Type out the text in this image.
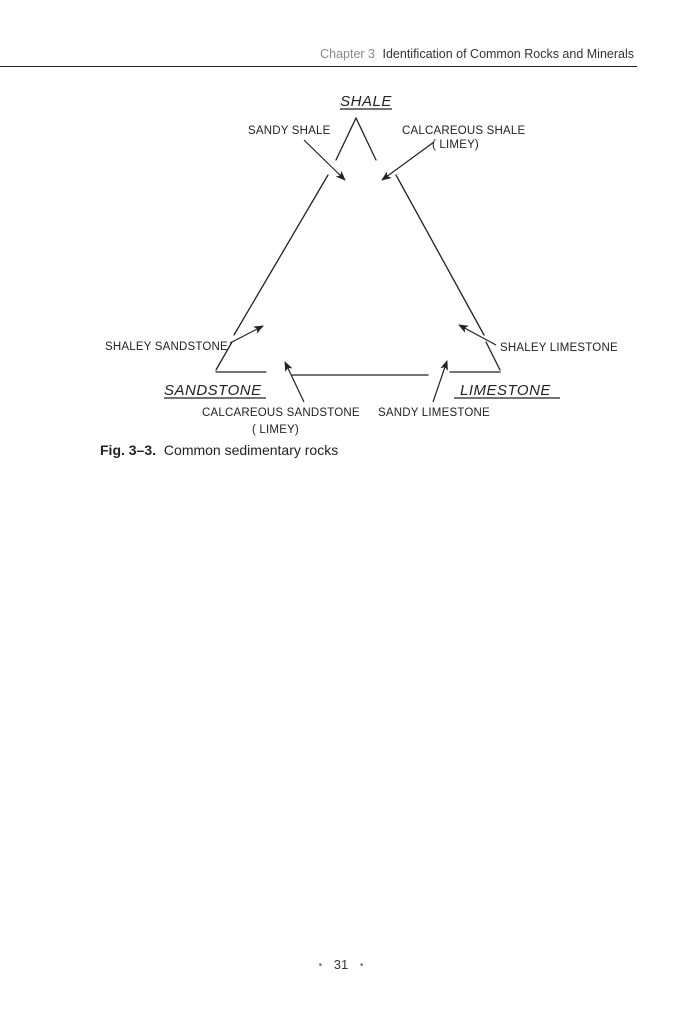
Chapter 3 Identification of Common Rocks and Minerals
SHALE
SANDSTONE	LIMESTONE
SANDY SHALE	CALCAREOUS SHALE
( LIMEY)
SHALEY SANDSTONE	SHALEY LIMESTONE
CALCAREOUS SANDSTONE
( LIMEY)
SANDY LIMESTONE
Fig. 3–3. Common sedimentary rocks
• 31 •
